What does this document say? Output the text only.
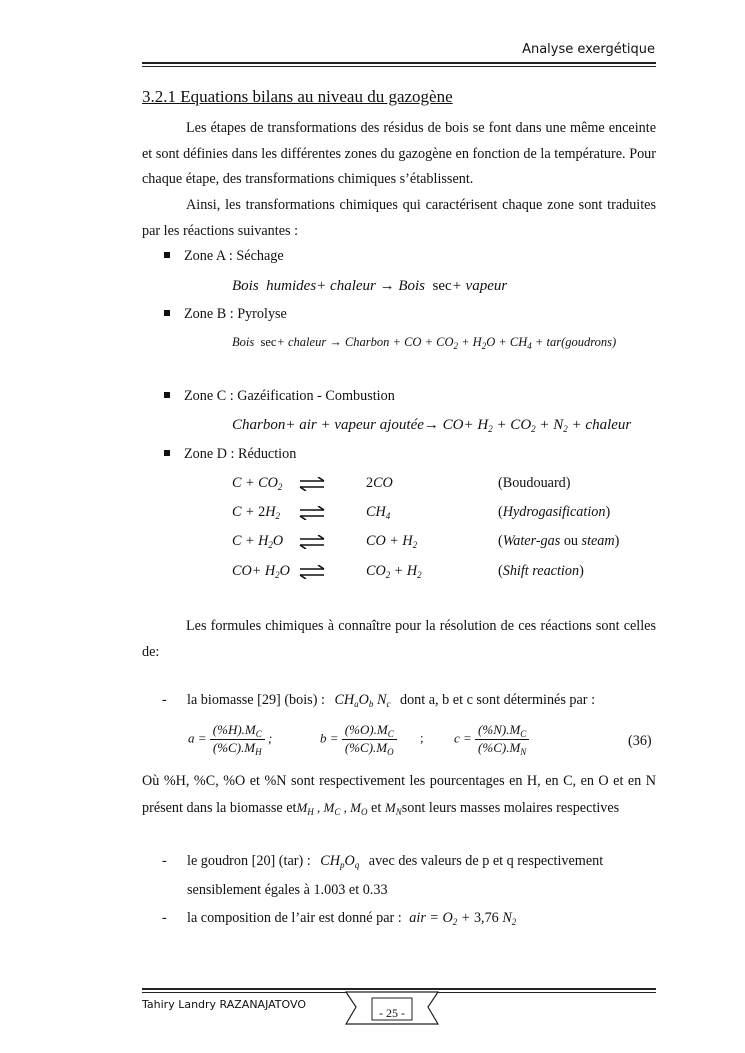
Analyse exergétique
3.2.1 Equations bilans au niveau du gazogène
Les étapes de transformations des résidus de bois se font dans une même enceinte et sont définies dans les différentes zones du gazogène en fonction de la température. Pour chaque étape, des transformations chimiques s’établissent.
Ainsi, les transformations chimiques qui caractérisent chaque zone sont traduites par les réactions suivantes :
Zone A : Séchage
Bois  humides+ chaleur → Bois  sec+ vapeur
Zone B : Pyrolyse
Bois  sec+ chaleur → Charbon + CO + $CO_2 + H_2O + CH_4$ + tar(goudrons)
Zone C : Gazéification - Combustion
Charbon+ air + vapeur ajoutée→ $CO+ H_2 + CO_2 + N_2$ + chaleur
Zone D : Réduction
$C + CO_2$ ⇌	2CO	(Boudouard)
$C + 2H_2$ ⇌	$CH_4$	(Hydrogasification)
$C + H_2O$ ⇌	CO + $H_2$	(Water-gas ou steam)
$CO+ H_2O$ ⇌	$CO_2 + H_2$	(Shift reaction)
Les formules chimiques à connaître pour la résolution de ces réactions sont celles de:
- la biomasse [29] (bois) : $CH_aO_b$ $N_c$ dont a, b et c sont déterminés par :
$a = \frac{(\%H).M_C}{(\%C).M_H}$ ;	$b = \frac{(\%O).M_C}{(\%C).M_O}$ ; $c = \frac{(\%N).M_C}{(\%C).M_N}$	(36)
Où %H, %C, %O et %N sont respectivement les pourcentages en H, en C, en O et en N présent dans la biomasse etM$_H$ , $M_C$ , $M_O$ et $M_Nsont$ leurs masses molaires respectives
- le goudron [20] (tar) : $CH_pO_q$ avec des valeurs de p et q respectivement
sensiblement égales à 1.003 et 0.33
- la composition de l’air est donné par : air = $O_2 + 3,76$ $N_2$
Tahiry Landry RAZANAJATOVO
- 25 -
